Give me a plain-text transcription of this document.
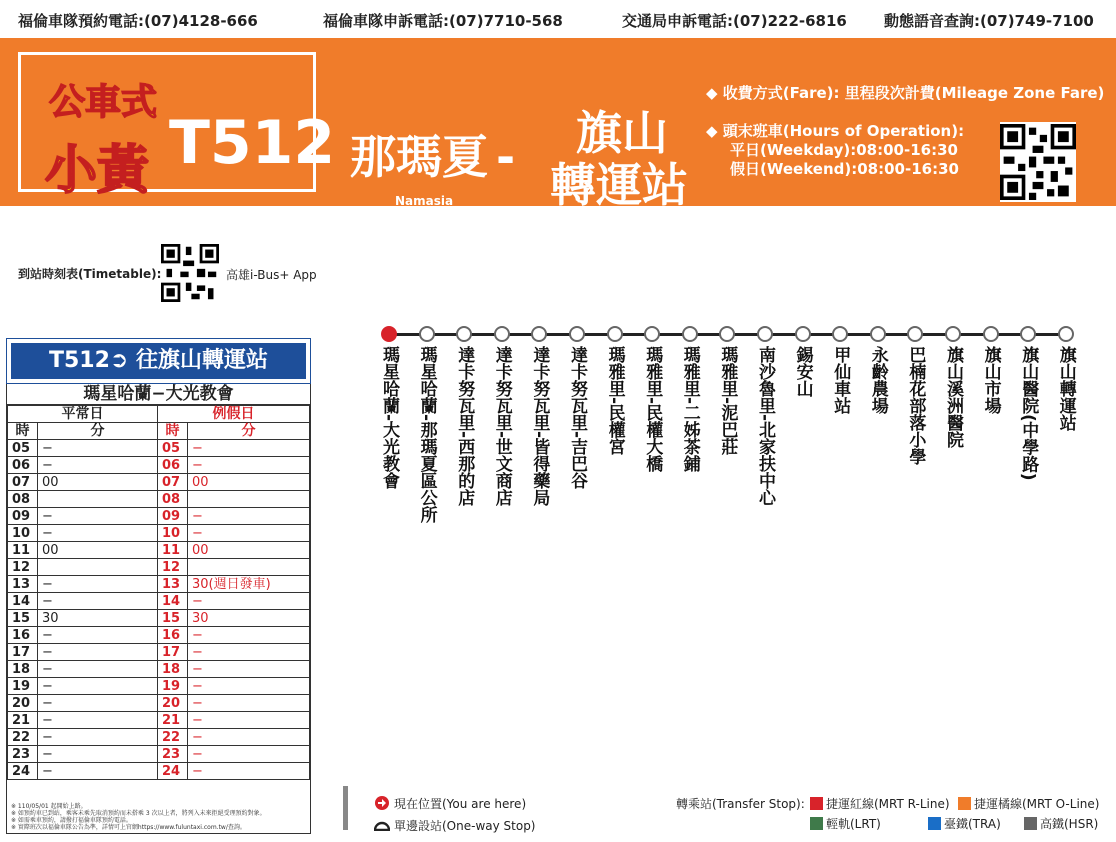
福倫車隊預約電話:(07)4128-666	福倫車隊申訴電話:(07)7710-568	交通局申訴電話:(07)222-6816 動態語音查詢:(07)749-7100
公車式
小黃 T512 那瑪夏
Namasia
- 旗山
轉運站
Cishan Transfer Station
◆ 收費方式(Fare): 里程段次計費(Mileage Zone Fare)
◆ 頭末班車(Hours of Operation):
平日(Weekday):08:00-16:30
假日(Weekend):08:00-16:30
路線資訊
到站時刻表(Timetable):	高雄i-Bus+ App
T512➲ 往旗山轉運站
瑪星哈蘭−大光教會
平常日		例假日	
時	分	時	分
05	−	05	−
06	−	06	−
07	00	07	00
08		08	
09	−	09	−
10	−	10	−
11	00	11	00
12		12	
13	−	13	30(週日發車)
14	−	14	−
15	30	15	30
16	−	16	−
17	−	17	−
18	−	18	−
19	−	19	−
20	−	20	−
21	−	21	−
22	−	22	−
23	−	23	−
24	−	24	−
※ 110/05/01 起開始上路。
※ 如預約車已到站，乘客未乘先取消預約而未搭乘 3 次以上者，將列入未來拒絕受理預約對象。
※ 如需乘車預約，請撥打福倫車隊預約電話。
※ 實際班次以福倫車隊公告為準，詳情可上官網https://www.fuluntaxi.com.tw/查詢。
瑪星哈蘭-大光教會 瑪星哈蘭-那瑪夏區公所 達卡努瓦里-西那的店 達卡努瓦里-世文商店 達卡努瓦里-皆得藥局 達卡努瓦里-吉巴谷 瑪雅里-民權宮 瑪雅里-民權大橋 瑪雅里-二姊茶鋪 瑪雅里-泥巴莊 南沙魯里-北家扶中心 錫安山 甲仙車站 永齡農場 巴楠花部落小學 旗山溪洲醫院 旗山市場 旗山醫院(中學路) 旗山轉運站
現在位置(You are here)
單邊設站(One-way Stop)
轉乘站(Transfer Stop):	捷運紅線(MRT R-Line)	捷運橘線(MRT O-Line)
輕軌(LRT)	臺鐵(TRA)	高鐵(HSR)
